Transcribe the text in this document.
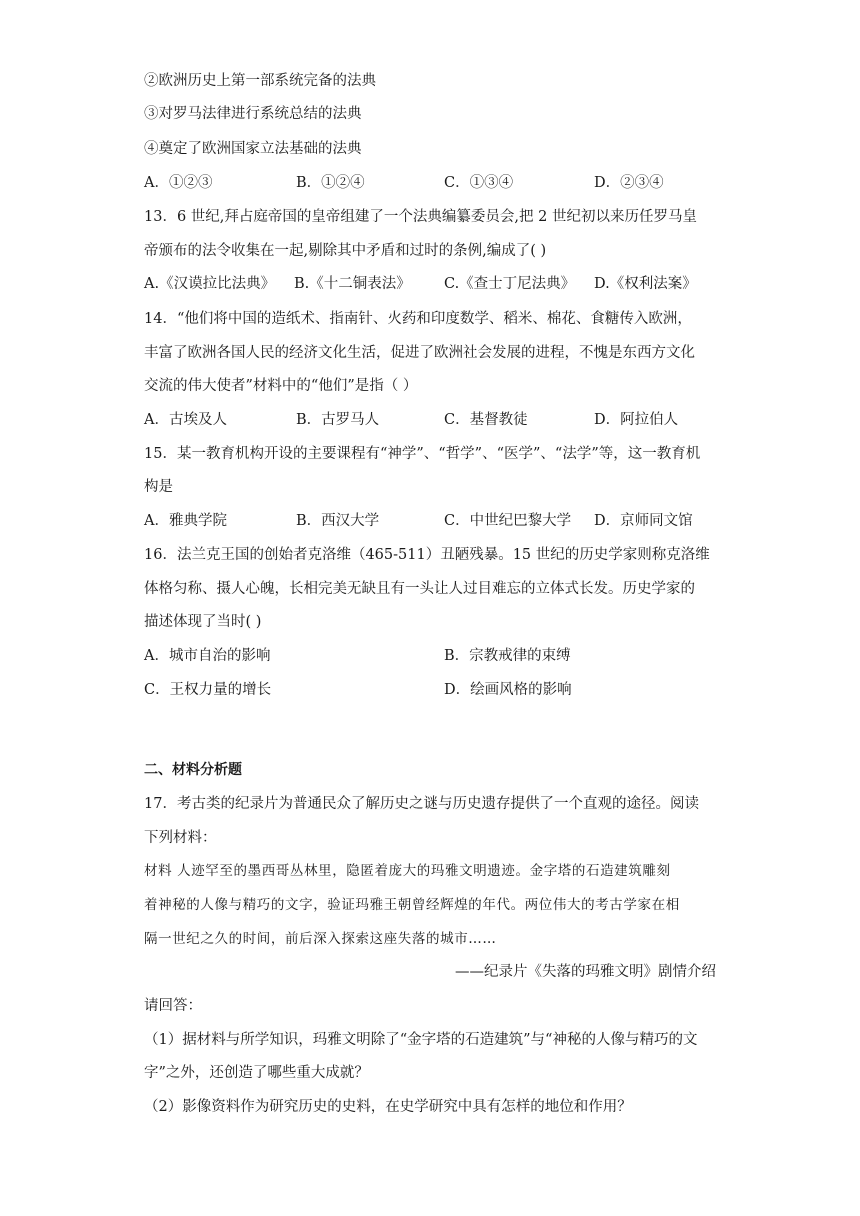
②欧洲历史上第一部系统完备的法典
③对罗马法律进行系统总结的法典
④奠定了欧洲国家立法基础的法典
A．①②③	B．①②④	C．①③④	D．②③④
13．6 世纪,拜占庭帝国的皇帝组建了一个法典编纂委员会,把 2 世纪初以来历任罗马皇
帝颁布的法令收集在一起,剔除其中矛盾和过时的条例,编成了( )
A.《汉谟拉比法典》 B.《十二铜表法》 C.《查士丁尼法典》 D.《权利法案》
14．“他们将中国的造纸术、指南针、火药和印度数学、稻米、棉花、食糖传入欧洲，
丰富了欧洲各国人民的经济文化生活，促进了欧洲社会发展的进程，不愧是东西方文化
交流的伟大使者”材料中的“他们”是指（ ）
A．古埃及人	B．古罗马人	C．基督教徒	D．阿拉伯人
15．某一教育机构开设的主要课程有“神学”、“哲学”、“医学”、“法学”等，这一教育机
构是
A．雅典学院	B．西汉大学	C．中世纪巴黎大学 D．京师同文馆
16．法兰克王国的创始者克洛维（465-511）丑陋残暴。15 世纪的历史学家则称克洛维
体格匀称、摄人心魄，长相完美无缺且有一头让人过目难忘的立体式长发。历史学家的
描述体现了当时( )
A．城市自治的影响	B．宗教戒律的束缚
C．王权力量的增长	D．绘画风格的影响
二、材料分析题
17．考古类的纪录片为普通民众了解历史之谜与历史遗存提供了一个直观的途径。阅读
下列材料：
材料 人迹罕至的墨西哥丛林里，隐匿着庞大的玛雅文明遗迹。金字塔的石造建筑雕刻
着神秘的人像与精巧的文字，验证玛雅王朝曾经辉煌的年代。两位伟大的考古学家在相
隔一世纪之久的时间，前后深入探索这座失落的城市……
——纪录片《失落的玛雅文明》剧情介绍
请回答：
（1）据材料与所学知识，玛雅文明除了“金字塔的石造建筑”与“神秘的人像与精巧的文
字”之外，还创造了哪些重大成就？
（2）影像资料作为研究历史的史料，在史学研究中具有怎样的地位和作用？
